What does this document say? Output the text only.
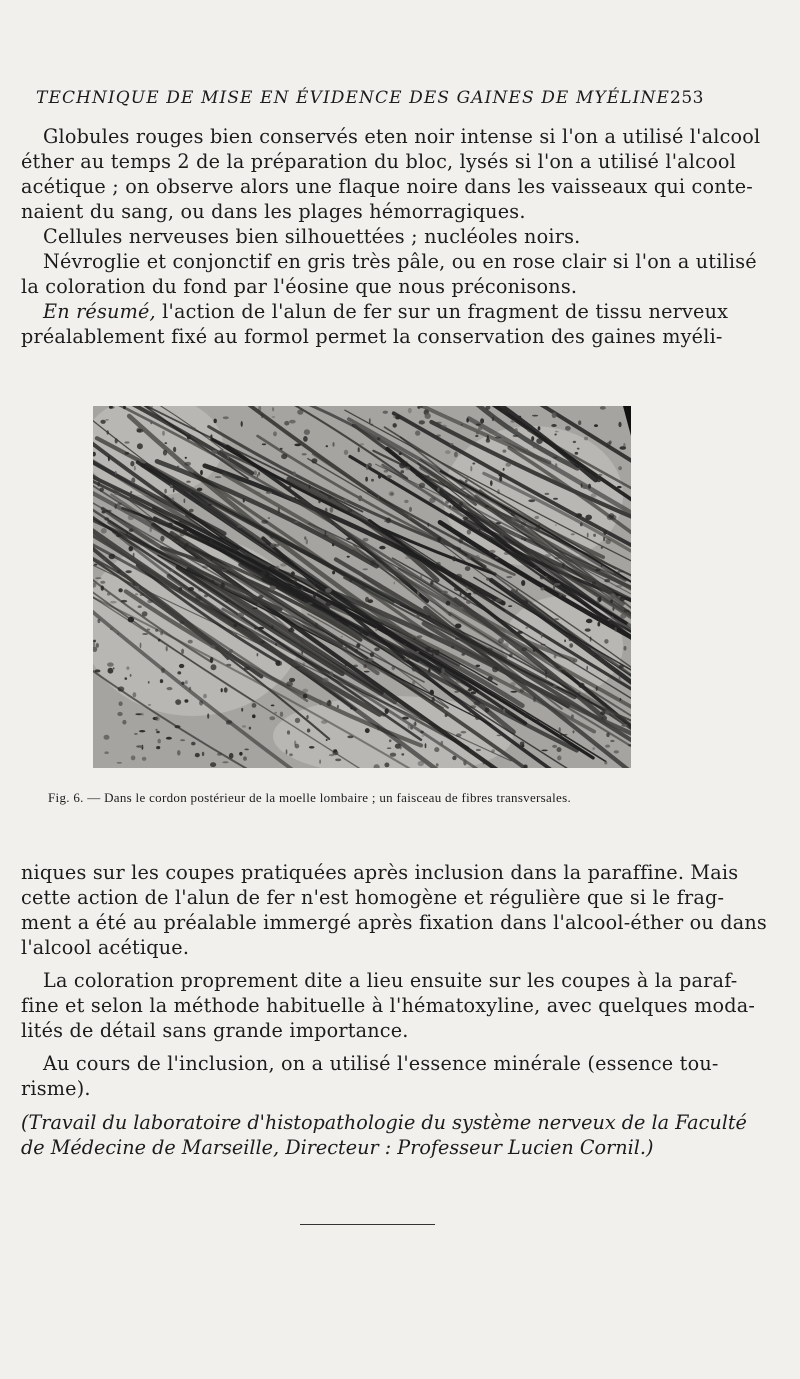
TECHNIQUE DE MISE EN ÉVIDENCE DES GAINES DE MYÉLINE 253

Globules rouges bien conservés eten noir intense si l'on a utilisé l'alcool
éther au temps 2 de la préparation du bloc, lysés si l'on a utilisé l'alcool
acétique ; on observe alors une flaque noire dans les vaisseaux qui conte-
naient du sang, ou dans les plages hémorragiques.

Cellules nerveuses bien silhouettées ; nucléoles noirs.

Névroglie et conjonctif en gris très pâle, ou en rose clair si l'on a utilisé
la coloration du fond par l'éosine que nous préconisons.

En résumé, l'action de l'alun de fer sur un fragment de tissu nerveux
préalablement fixé au formol permet la conservation des gaines myéli-

Fig. 6. — Dans le cordon postérieur de la moelle lombaire ; un faisceau de fibres transversales.

niques sur les coupes pratiquées après inclusion dans la paraffine. Mais
cette action de l'alun de fer n'est homogène et régulière que si le frag-
ment a été au préalable immergé après fixation dans l'alcool-éther ou dans
l'alcool acétique.

La coloration proprement dite a lieu ensuite sur les coupes à la paraf-
fine et selon la méthode habituelle à l'hématoxyline, avec quelques moda-
lités de détail sans grande importance.

Au cours de l'inclusion, on a utilisé l'essence minérale (essence tou-
risme).

(Travail du laboratoire d'histopathologie du système nerveux de la Faculté
de Médecine de Marseille, Directeur : Professeur Lucien Cornil.)
